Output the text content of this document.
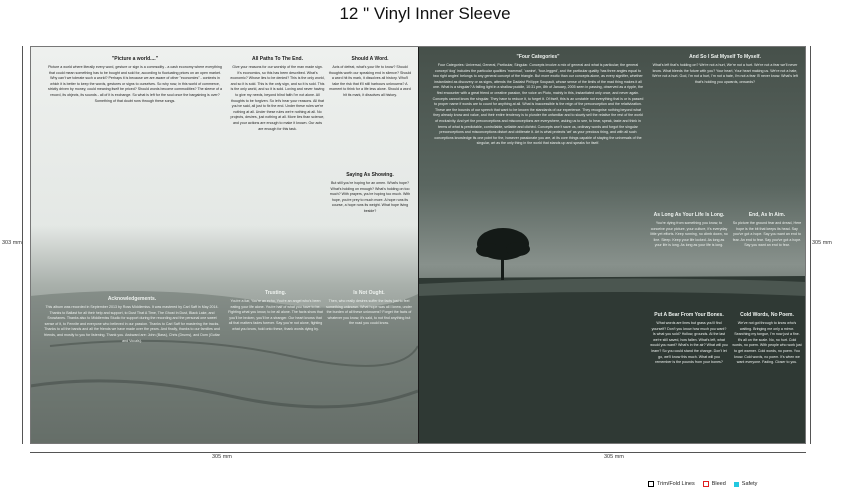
12 " Vinyl Inner Sleeve
303 mm	305 mm
305 mm	305 mm
"Picture a world...."
Picture a world where literally every word, gesture or sign is a commodity - a cash economy where everything that could mean something has to be bought and sold for, according to fluctuating prices on an open market. Why can't we tolerate such a world? Perhaps it is because we are aware of other "economies" - contexts in which it is better to keep the words, gestures or signs to ourselves. So why now, in this world of commerce, strictly driven by money, could meaning itself be priced? Should words become commodities? The sleeve of a record, its objects, its sounds - all of it is exchange. So what is left for the soul once the bargaining is over? Something of that doubt runs through these songs.
All Paths To The End.
Give your reasons for our worship of the man made sign. It's economics, so this has been described. What's economic? Whose lies to be denied? This is the only world, and so it is sold. This is the only sign, and so it is sold. This is the only world, and so it is sold. Loving and never having to give my needs, beyond blind faith I'm not alone. All thoughts to be forgiven. So let's hear your reasons. All that you've said, all just to fix the end. Under these rules we're nothing at all. Under these rules we're nothing at all. No projects, desires, just nothing at all. More lies than science, and your actions are enough to make it known. Our acts are enough for this task.
Should A Word.
Acts of defeat, what's your life to know? Should thoughts worth our speaking end in silence? Should a word hit its mark, it dissolves all history. Who'll take the risk that it'll still harbours unknowns? A moment to think for a life less alone. Should a word hit its mark, it dissolves all history.
Saying As Showing.
But still you're hoping for an omen. What's hope? What's holding on enough? What's holding on too much? With prayers, you're hoping too much. With hope, you're prey to much more. A hope runs its course, a hope runs its weight. What hope living beside?
Trusting.
You're a liar, You're an echo, You're an angel who's been eating your life alone. You're half of what you have to be. Fighting what you know, to be all alone. The facts show that you'll be broken, you'll be a stranger. Our heart knows that all that matters fades forever. Say you're not alone, fighting what you know, hold onto these, thank words dying by.
Is Not Ought.
Then, who really desires suffer the facts just to feel something unknown. What hope was all I knew, under the burden of all these unknowns? Forget the facts of whatever you know, it's said, to not find anything but the road you could know.
Acknowledgements.
This album was recorded in September 2013 by Ross Middlemiss. It was mastered by Carl Saff in May 2014. Thanks to Ballast for all their help and support, to Dust That A Time, The Ghost In Dust, Black Lake, and Snowlanes. Thanks also to Middlemiss Studio for support during the recording and the personal one sweet sense of it, to Fennite and everyone who believed in our passion. Thanks to Carl Saff for mastering the tracks. Thanks to all the bands and all the friends we have made over the years. And finally, thanks to our families and friends, and mostly to you for listening. Thank you. Awkward are: John (Bass), Chris (Drums), and Dom (Guitar and Vocals).
"Four Categories"
Four Categories: Universal, General, Particular, Singular. Concepts involve a mix of general and what is particular; the general concept 'dog' includes the particular qualities 'mammal', 'canine', 'four-legged', and the particular quality 'has three angles equal to two right angles' belongs to any general concept of the triangle. But more exotic than our concepts alone, as every signifier, whether instantiated as discovery or as signs, attends the Dadaist Philippe Soupault, whose sense of the limits of the mad thing makes it all one. What is a singular? A falling light in a shallow puddle, 10:31 pm, 8th of January, 2005 seen in passing, observed as a ripple, the first encounter with a great friend or creative passion, the voice on Pluto, mainly in this, instantiated only once, and never again. Concepts cannot know the singular. They have to reduce it, to forget it. Of itself, this is an unstable not everything that is or is passed to proper name if words are to count for anything at all. What is inaccessible is the reign of the preconception and the relativization. These are the bounds of our speech that want to be known the standards of our experience. They recognise nothing beyond what they already know and value, and their entire tendency is to plunder the unfamiliar and to slowly sell the relative the rest of the world of exclusivity. And yet the preconceptions and misconceptions are everywhere, asking us to see, to hear, speak, taste and think in terms of what is predictable, controllable, sellable and clichéd. Concepts won't save us, ordinary words and forgot the singular preconceptions and misconceptions distort and obliterate it. Art is what protects 'art' as your precious thing, and with all such conceptions knowledge its one point for the, however passionate you are, at its core things capable of staying the universals of the singular, art as the only thing in the world that stands up and speaks for itself.
And So I Sat Myself To Myself.
What's left that's holding on? We're not a hurt, We're not a hurt. We're not a fear we'll never know. What bleeds the future with you? Your heart, Your heart making us. We're not a hate, We're not a hurt. God, I'm not a hurt, I'm not a hate, I'm not a fear I'll never know. What's left that's holding you upwards, onwards?
As Long As Your Life Is Long.
You're dying from something you know, to conceive your picture, your culture, it's everyday little yet efforts. Keep running, no climb down, no line. Sleep. Keep your life locked. As long as your life is long. As long as your life is long.
End, As In Aim.
So picture the ground fear and dread, Here hope is the bit that keeps its head. Say you've got a hope. Say you want an end to fear. An end to fear. Say you've got a hope. Say you want an end to fear.
Put A Bear From Your Bones.
What words are lines but grass you'll find yourself? Don't you know how much you want? Is what you sold? Hollow, grounds. At the last we're still saved, how fallen. What's left, what would you want? What's in the air? What will you learn? So you could stand the change. Don't let go, we'll know this much. What will you remember is the pounds from your bones?
Cold Words, No Poem.
We've not got through to know who's waiting. Bringing me only a mirror. Searching my tongue, I'm now just a fine. It's all on the scale. No, no hurt. Cold words, no poem. With people who work just to get warmer. Cold words, no poem. You know. Cold words, no poem. It's when we want everyone. Fading. Closer to you.
Trim/Fold Lines	Bleed	Safety
